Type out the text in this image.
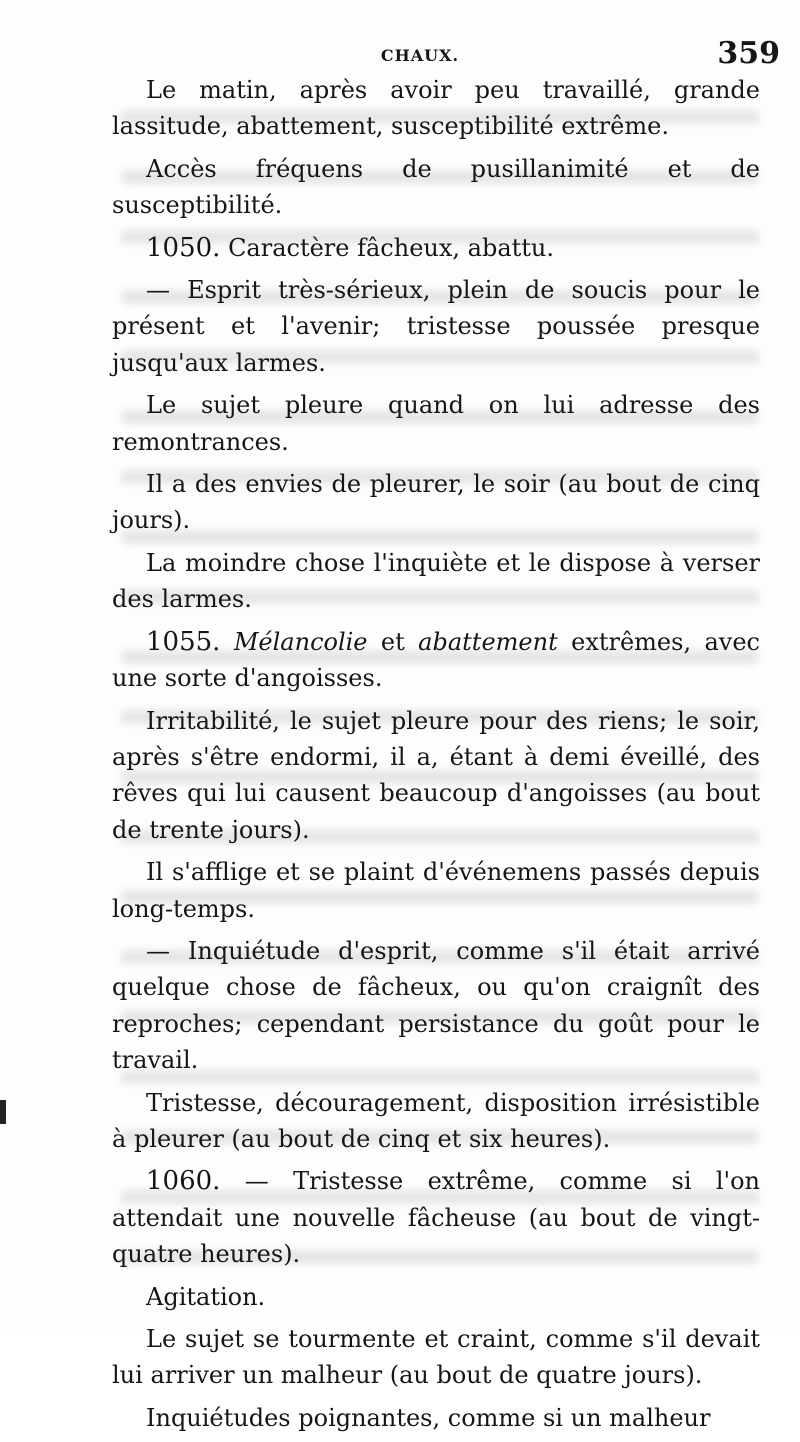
CHAUX.	359

Le matin, après avoir peu travaillé, grande lassitude, abattement, susceptibilité extrême.

Accès fréquens de pusillanimité et de susceptibilité.

1050. Caractère fâcheux, abattu.

— Esprit très-sérieux, plein de soucis pour le présent et l'avenir; tristesse poussée presque jusqu'aux larmes.

Le sujet pleure quand on lui adresse des remontrances.

Il a des envies de pleurer, le soir (au bout de cinq jours).

La moindre chose l'inquiète et le dispose à verser des larmes.

1055. Mélancolie et abattement extrêmes, avec une sorte d'angoisses.

Irritabilité, le sujet pleure pour des riens; le soir, après s'être endormi, il a, étant à demi éveillé, des rêves qui lui causent beaucoup d'angoisses (au bout de trente jours).

Il s'afflige et se plaint d'événemens passés depuis long-temps.

— Inquiétude d'esprit, comme s'il était arrivé quelque chose de fâcheux, ou qu'on craignît des reproches; cependant persistance du goût pour le travail.

Tristesse, découragement, disposition irrésistible à pleurer (au bout de cinq et six heures).

1060. — Tristesse extrême, comme si l'on attendait une nouvelle fâcheuse (au bout de vingt-quatre heures).

Agitation.

Le sujet se tourmente et craint, comme s'il devait lui arriver un malheur (au bout de quatre jours).

Inquiétudes poignantes, comme si un malheur
